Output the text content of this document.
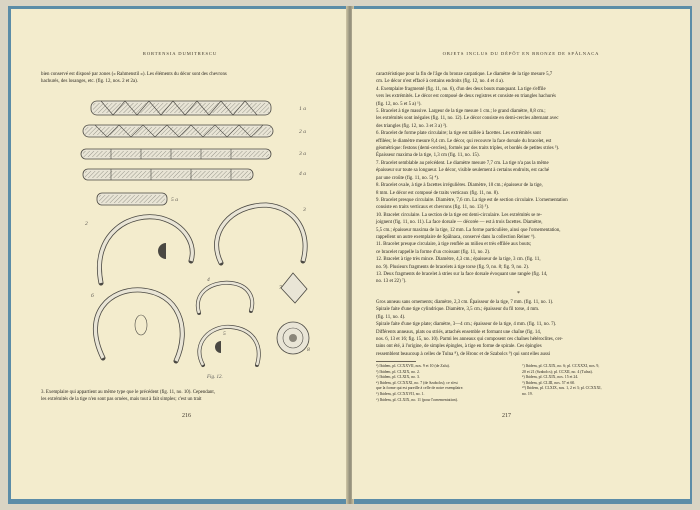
RORTENSIA DUMITRESCU

bien conservé est disposé par zones (« Rahmenstil »). Les éléments du décor sont des chevrons

hachurés, des losanges, etc. (fig. 12, nos. 2 et 2a).

1 a
2 a
3 a
4 a
5 a
2
3
4
5
6
7
8
Fig. 12.

3. Exemplaire qui appartient au même type que le précédent (fig. 11, no. 10). Cependant,

les extrémités de la tige n'en sont pas ornées, mais tout à fait simples; c'est un trait

216
OBJETS INCLUS DU DÉPÔT EN BRONZE DE SPĂLNACA

caractéristique pour la fin de l'âge du bronze carpatique. Le diamètre de la tige mesure 5,7

cm. Le décor n'est effacé à certains endroits (fig. 12, no. 4 et 4 a).

4. Exemplaire fragmenté (fig. 11, no. 6), d'un des deux bouts manquant. La tige s'effile

vers les extrémités. Le décor est composé de deux registres et consiste en triangles hachurés

(fig. 12, no. 5 et 5 a) ¹).

5. Bracelet à tige massive. Largeur de la tige mesure 1 cm.; le grand diamètre, 8,8 cm.;

les extrémités sont inégales (fig. 11, no. 12). Le décor consiste en demi-cercles alternant avec

des triangles (fig. 12, no. 3 et 3 a) ²).

6. Bracelet de forme plate circulaire; la tige est taillée à facettes. Les extrémités sont

effilées; le diamètre mesure 8,4 cm. Le décor, qui recouvre la face dorsale du bracelet, est

géométrique: festons (demi-cercles), formés par des traits triples, et bordés de petites stries ³).

Épaisseur maxima de la tige, 1,3 cm (fig. 11, no. 15).

7. Bracelet semblable au précédent. Le diamètre mesure 7,7 cm. La tige n'a pas la même

épaisseur sur toute sa longueur. Le décor, visible seulement à certains endroits, est caché

par une croûte (fig. 11, no. 5) ⁴).

8. Bracelet ovale, à tige à facettes irrégulières. Diamètre, 10 cm.; épaisseur de la tige,

8 mm. Le décor est composé de traits verticaux (fig. 11, no. 8).

9. Bracelet presque circulaire. Diamètre, 7,6 cm. La tige est de section circulaire. L'ornementation

consiste en traits verticaux et chevrons (fig. 11, no. 13) ⁵).

10. Bracelet circulaire. La section de la tige est demi-circulaire. Les extrémités se re-

joignent (fig. 11, no. 11). La face dorsale — décorée — est à trois facettes. Diamètre,

5,5 cm.; épaisseur maxima de la tige, 12 mm. La forme particulière, ainsi que l'ornementation,

rappellent un autre exemplaire de Spălnaca, conservé dans la collection Reiner ⁶).

11. Bracelet presque circulaire, à tige renflée au milieu et très effilée aux bouts;

ce bracelet rappelle la forme d'un croissant (fig. 11, no. 2).

12. Bracelet à tige très mince. Diamètre, 4,3 cm.; épaisseur de la tige, 3 cm. (fig. 11,

no. 9). Plusieurs fragments de bracelets à tige torse (fig. 9, no. 8; fig. 9, no. 2).

13. Deux fragments de bracelet à stries sur la face dorsale évoquant une rangée (fig. 14,

no. 13 et 22) ⁷).

*

Gros anneau sans ornements; diamètre, 2,3 cm. Épaisseur de la tige, 7 mm. (fig. 11, no. 1).

Spirale faite d'une tige cylindrique. Diamètre, 3,5 cm.; épaisseur du fil torse, 4 mm.

(fig. 11, no. 4).

Spirale faite d'une tige plate; diamètre, 3—4 cm.; épaisseur de la tige, 4 mm. (fig. 11, no. 7).

Différents anneaux, plats ou striés, attachés ensemble et formant une chaîne (fig. 14,

nos. 6, 13 et 16; fig. 15, no. 10). Parmi les anneaux qui composent ces chaînes hétéroclites, cer-

tains ont été, à l'origine, de simples épingles, à tige en forme de spirale. Ces épingles

ressemblent beaucoup à celles de Tulna ⁸), de Hronc et de Szabolcs ⁹) qui sont elles aussi

¹) Ibidem, pl. CCXXVII, nos. 9 et 10 (de Zalu).

²) Ibidem, pl. CLXIX, no. 2.

³) Ibidem, pl. CLXIX, no. 3.

⁴) Ibidem, pl. CCXXXI, no. 7 (de Szabolcs); ce n'est

que la forme qui est pareille à celle de notre exemplaire.

⁵) Ibidem, pl. CCXXVII, no. 1.

⁶) Ibidem, pl. CLXIX, no. 11 (pour l'ornementation).

⁷) Ibidem, pl. CLXIX, no. 6; pl. CCXXXI, nos. 9,

20 et 21 (Szabolcs); pl. CCXII, no. 4 (Tulna).

⁸) Ibidem, pl. CLXIX, nos. 15 et 24.

⁹) Ibidem, pl. CLIII, nos. 57 et 60.

¹⁰) Ibidem, pl. CLXIX, nos. 1, 2 et 3; pl. CCXXXI,

no. 19.

217
